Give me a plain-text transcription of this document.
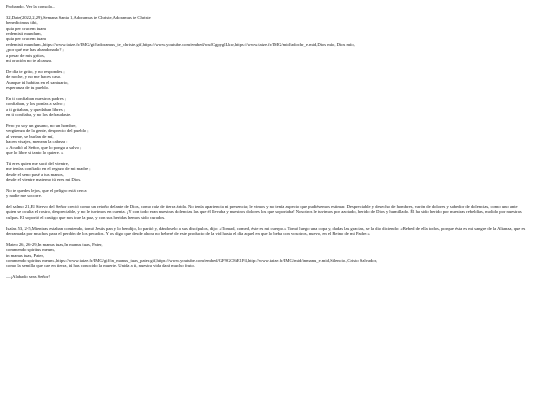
Probando. Ver la consola...
32,Date(2022,2,29),Semana Santa 1,Adoramus te Christe,Adoramus te Christe
benedicimus tibi,
quia per crucem tuam
redemisti mundum,
quia per crucem tuam
redemisti mundum.,https://www.taize.fr/IMG/gif/adoramus_te_christe.gif,https://www.youtube.com/embed/wufCgpyglLkw,https://www.taize.fr/IMG/mid/adochr_e.mid,Dios mío, Dios mío,
¿por qué me has abandonado? ;
a pesar de mis gritos,
mi oración no te alcanza.
De día te grito, y no respondes ;
de noche, y no me haces caso.
Aunque tú habitas en el santuario,
esperanza de tu pueblo.
En ti confiaban nuestros padres ;
confiaban, y los ponías a salvo ;
a ti gritaban, y quedaban libres ;
en ti confiaba, y no los defraudaste.
Pero yo soy un gusano, no un hombre,
vergüenza de la gente, desprecio del pueblo ;
al verme, se burlan de mí,
hacen visajes, menean la cabeza :
« Acudió al Señor, que lo ponga a salvo ;
que lo libre si tanto lo quiere. »
Tú eres quien me sacó del vientre,
me tenías confiado en el regazo de mi madre ;
desde el seno pasé a tus manos,
desde el vientre materno tú eres mi Dios.
No te quedes lejos, que el peligro está cerca
y nadie me socorre.
del salmo 21,El Siervo del Señor creció como un retoño delante de Dios, como raíz de tierra árida. No tenía apariencia ni presencia; le vimos y no tenía aspecto que pudiésemos estimar. Despreciable y desecho de hombres, varón de dolores y sabedor de dolencias, como uno ante quien se oculta el rostro, despreciable, y no le tuvimos en cuenta. ¡Y con todo eran nuestras dolencias las que él llevaba y nuestros dolores los que soportaba! Nosotros le tuvimos por azotado, herido de Dios y humillado. Él ha sido herido por nuestras rebeldías, molido por nuestras culpas. El soportó el castigo que nos trae la paz, y con sus heridas hemos sido curados.
Isaías 53, 2-5,Mientras estaban comiendo, tomó Jesús pan y lo bendijo, lo partió y, dándoselo a sus discípulos, dijo: «Tomad, comed, éste es mi cuerpo.» Tomó luego una copa y, dadas las gracias, se la dio diciendo: «Bebed de ella todos, porque ésta es mi sangre de la Alianza, que es derramada por muchos para el perdón de los pecados. Y os digo que desde ahora no beberé de este producto de la vid hasta el día aquel en que lo beba con vosotros, nuevo, en el Reino de mi Padre.»
Mateo 26, 26-29,In manus tuas,In manus tuas, Pater,
commendo spiritus meum,
in manus tuas, Pater,
commendo spiritus meum.,https://www.taize.fr/IMG/gif/in_manus_tuas_pater.gif,https://www.youtube.com/embed/GF9GC8tE1P4,http://www.taize.fr/IMG/mid/inmanu_e.mid,Silencio.,Cristo Salvador,
como la semilla que cae en tierra, tú has conocido la muerte. Unida a ti, nuestra vida dará mucho fruto.
—¡Alabado seas Señor!
